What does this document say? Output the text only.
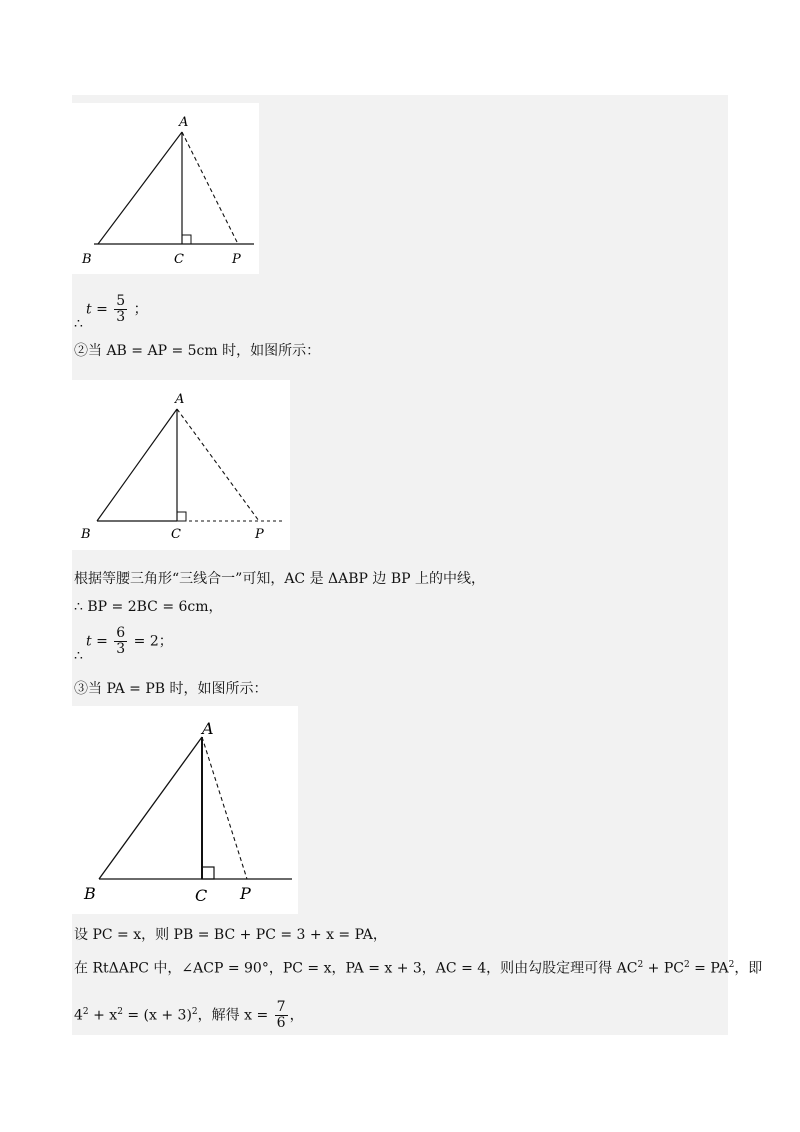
A
B	C	P
∴
$t = \frac{5}{3}$ ；
②当 AB = AP = 5cm 时，如图所示：
A
B	C	P
根据等腰三角形“三线合一”可知，AC 是 ΔABP 边 BP 上的中线，
∴ BP = 2BC = 6cm，
∴
$t = \frac{6}{3} = 2$；
③当 PA = PB 时，如图所示：
A
B	C P
设 PC = x，则 PB = BC + PC = 3 + x = PA，
在 RtΔAPC 中，∠ACP = 90°，PC = x，PA = x + 3，AC = 4，则由勾股定理可得 $AC^2 + PC^2 = PA^2$，即
$4^2 + x^2 = (x + 3)^2$，解得 $x = \frac{7}{6}$ ，
